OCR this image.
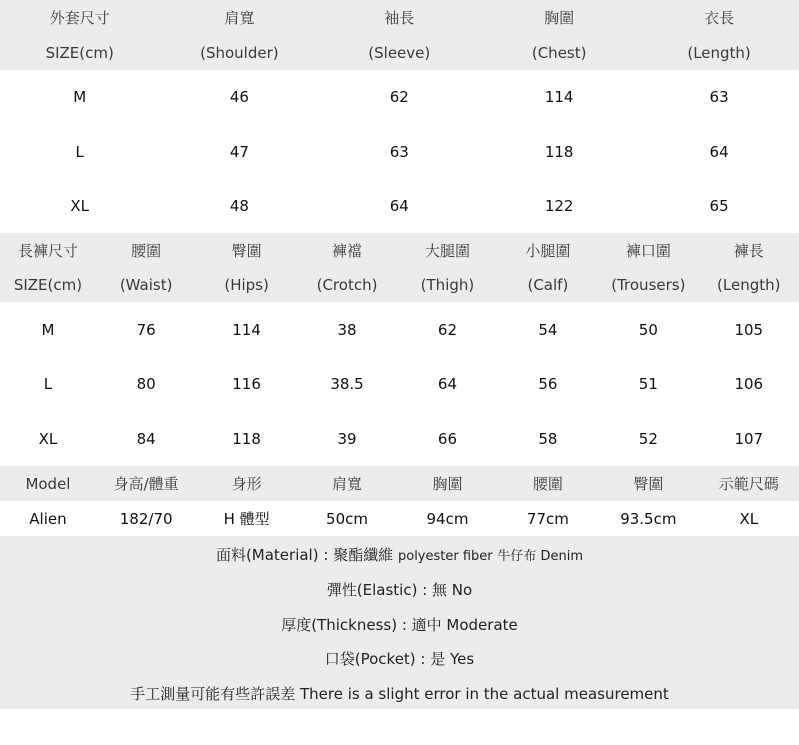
外套尺寸	肩寬	袖長	胸圍	衣長
SIZE(cm)	(Shoulder)	(Sleeve)	(Chest)	(Length)
M	46	62	114	63
L	47	63	118	64
XL	48	64	122	65
長褲尺寸	腰圍	臀圍	褲襠	大腿圍	小腿圍	褲口圍	褲長
SIZE(cm)	(Waist)	(Hips)	(Crotch)	(Thigh)	(Calf)	(Trousers)	(Length)
M	76	114	38	62	54	50	105
L	80	116	38.5	64	56	51	106
XL	84	118	39	66	58	52	107
Model	身高/體重	身形	肩寬	胸圍	腰圍	臀圍	示範尺碼
Alien	182/70	H 體型	50cm	94cm	77cm	93.5cm	XL
面料(Material) : 聚酯纖維 polyester fiber 牛仔布 Denim
彈性(Elastic) : 無 No
厚度(Thickness) : 適中 Moderate
口袋(Pocket) : 是 Yes
手工測量可能有些許誤差 There is a slight error in the actual measurement
